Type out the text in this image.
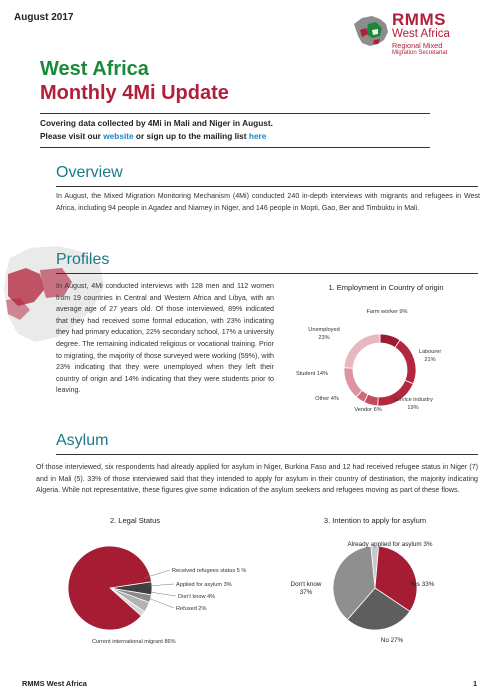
August 2017	RMMS
West Africa
Regional Mixed
Migration Secretariat
West Africa
Monthly 4Mi Update
Covering data collected by 4Mi in Mali and Niger in August.
Please visit our website or sign up to the mailing list here
Overview
In August, the Mixed Migration Monitoring Mechanism (4Mi) conducted 240 in-depth interviews with migrants and refugees in West Africa, including 94 people in Agadez and Niamey in Niger, and 146 people in Mopti, Gao, Ber and Timbuktu in Mali.
Profiles
In August, 4Mi conducted interviews with 128 men and 112 women from 19 countries in Central and Western Africa and Libya, with an average age of 27 years old. Of those interviewed, 89% indicated that they had received some formal education, with 23% indicating they had primary education, 22% secondary school, 17% a university degree. The remaining indicated religious or vocational training. Prior to migrating, the majority of those surveyed were working (59%), with 23% indicating that they were unemployed when they left their country of origin and 14% indicating that they were students prior to leaving.
1. Employment in Country of origin
Farm worker 9%
Labourer
21%
Service industry
19%
Vendor 6%
Other 4%
Student 14%
Unemployed
23%
Asylum
Of those interviewed, six respondents had already applied for asylum in Niger, Burkina Faso and 12 had received refugee status in Niger (7) and in Mali (5). 33% of those interviewed said that they intended to apply for asylum in their country of destination, the majority indicating Algeria. While not representative, these figures give some indication of the asylum seekers and refugees moving as part of these flows.
2. Legal Status
Received refugees status 5 %
Applied for asylum 3%
Don't know 4%
Refused 2%
Current international migrant 86%
3. Intention to apply for asylum
Already applied for asylum 3%
Yes 33%
No 27%
Don't know
37%
RMMS West Africa	1
